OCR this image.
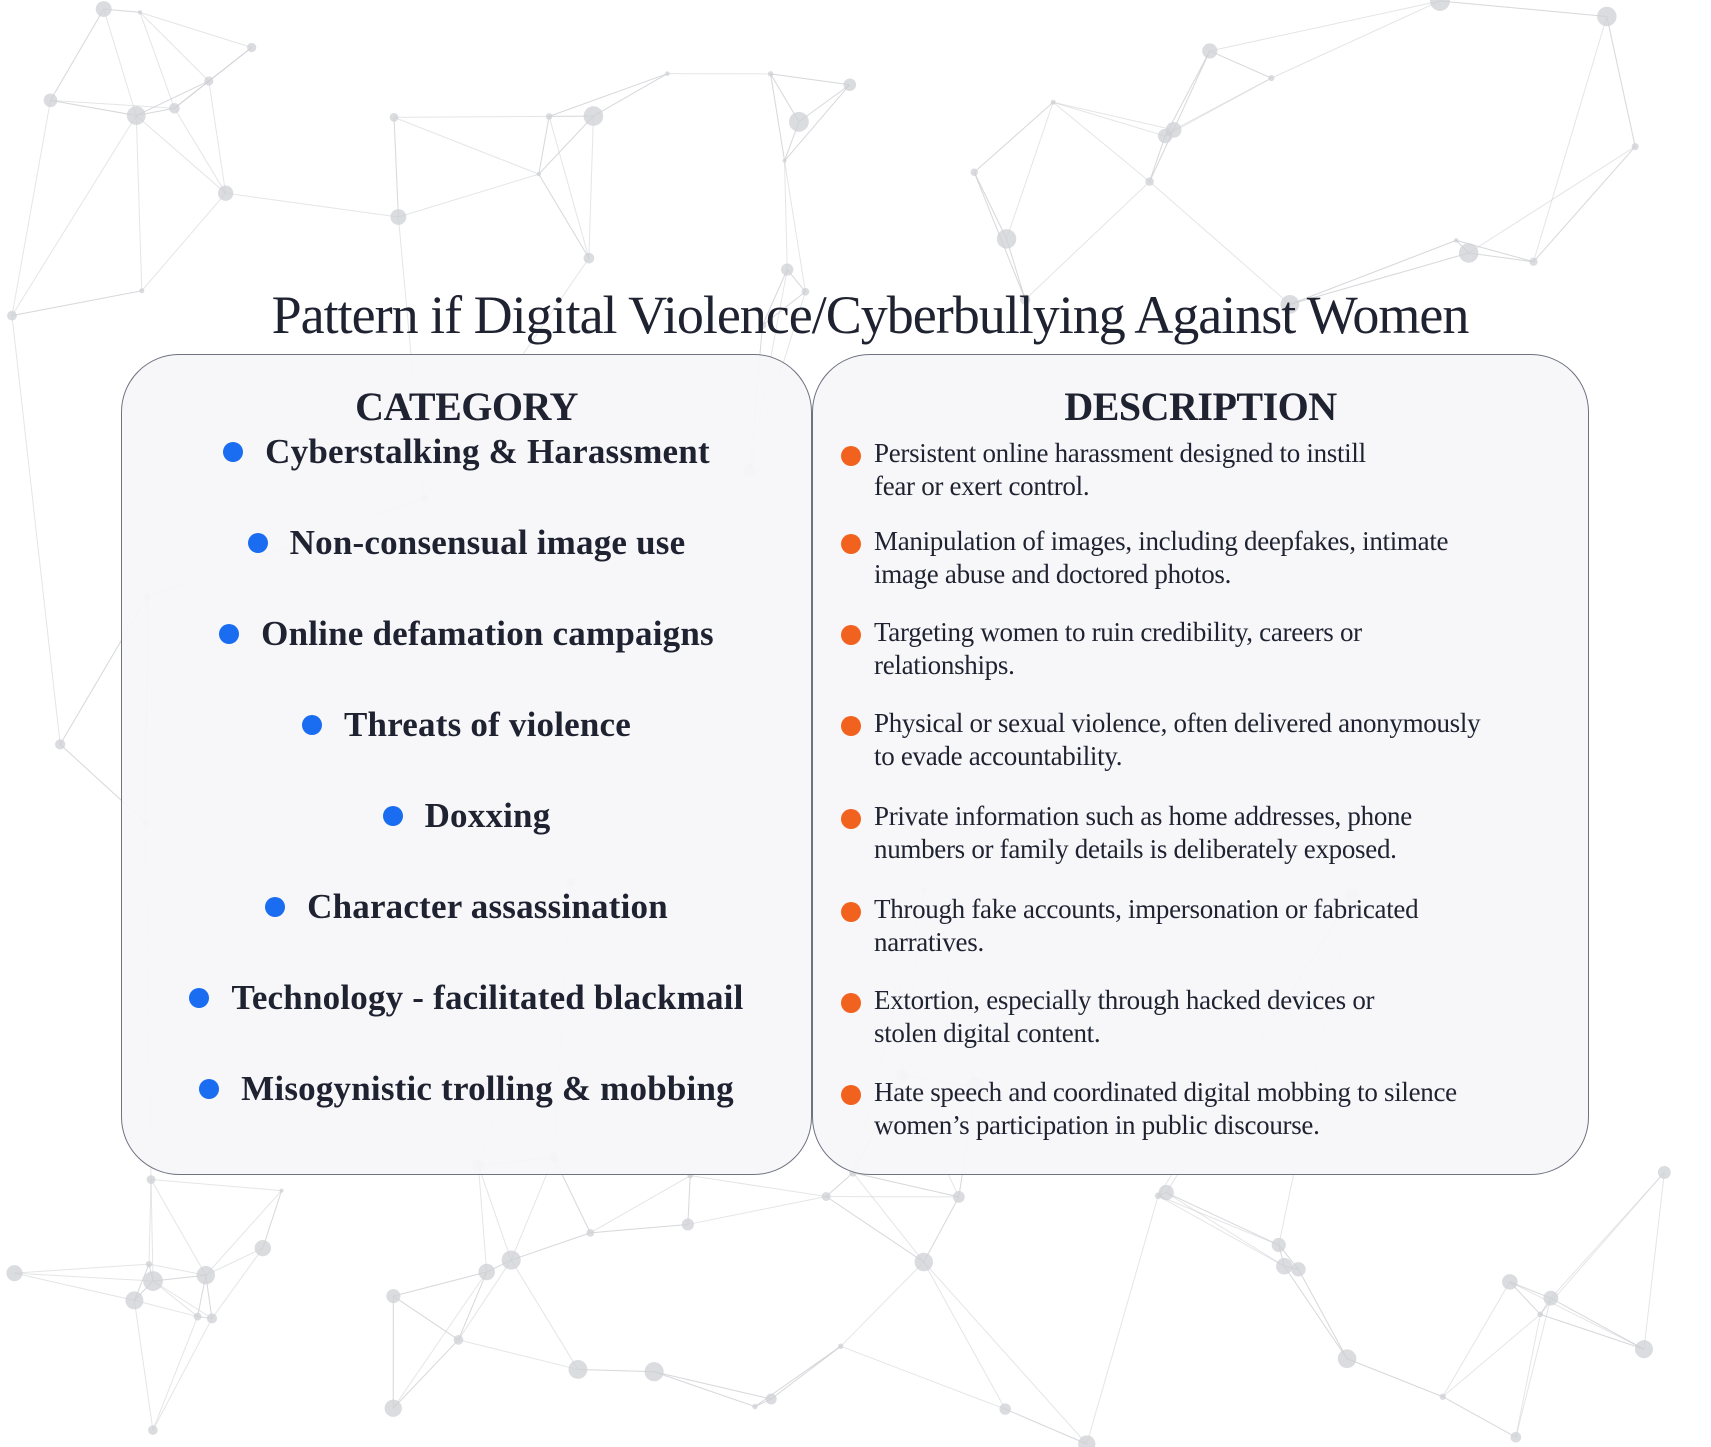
Pattern if Digital Violence/Cyberbullying Against Women
CATEGORY
Cyberstalking & Harassment
Non-consensual image use
Online defamation campaigns
Threats of violence
Doxxing
Character assassination
Technology - facilitated blackmail
Misogynistic trolling & mobbing
DESCRIPTION
Persistent online harassment designed to instill
fear or exert control.
Manipulation of images, including deepfakes, intimate
image abuse and doctored photos.
Targeting women to ruin credibility, careers or
relationships.
Physical or sexual violence, often delivered anonymously
to evade accountability.
Private information such as home addresses, phone
numbers or family details is deliberately exposed.
Through fake accounts, impersonation or fabricated
narratives.
Extortion, especially through hacked devices or
stolen digital content.
Hate speech and coordinated digital mobbing to silence
women’s participation in public discourse.
